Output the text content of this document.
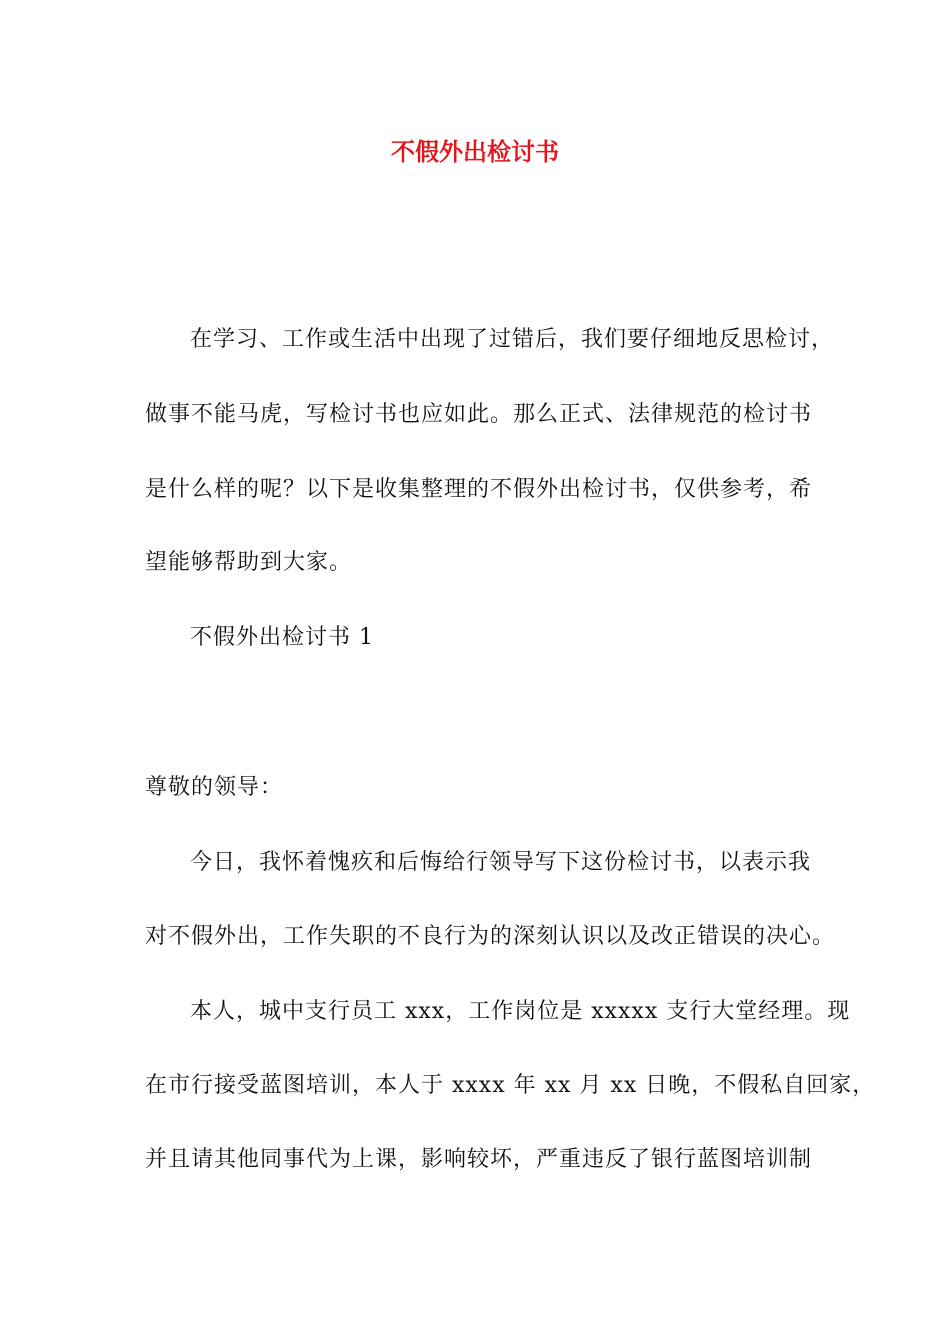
不假外出检讨书
在学习、工作或生活中出现了过错后，我们要仔细地反思检讨，
做事不能马虎，写检讨书也应如此。那么正式、法律规范的检讨书
是什么样的呢？以下是收集整理的不假外出检讨书，仅供参考，希
望能够帮助到大家。
不假外出检讨书 1
尊敬的领导：
今日，我怀着愧疚和后悔给行领导写下这份检讨书，以表示我
对不假外出，工作失职的不良行为的深刻认识以及改正错误的决心。
本人，城中支行员工 xxx，工作岗位是 xxxxx 支行大堂经理。现
在市行接受蓝图培训，本人于 xxxx 年 xx 月 xx 日晚，不假私自回家，
并且请其他同事代为上课，影响较坏，严重违反了银行蓝图培训制
